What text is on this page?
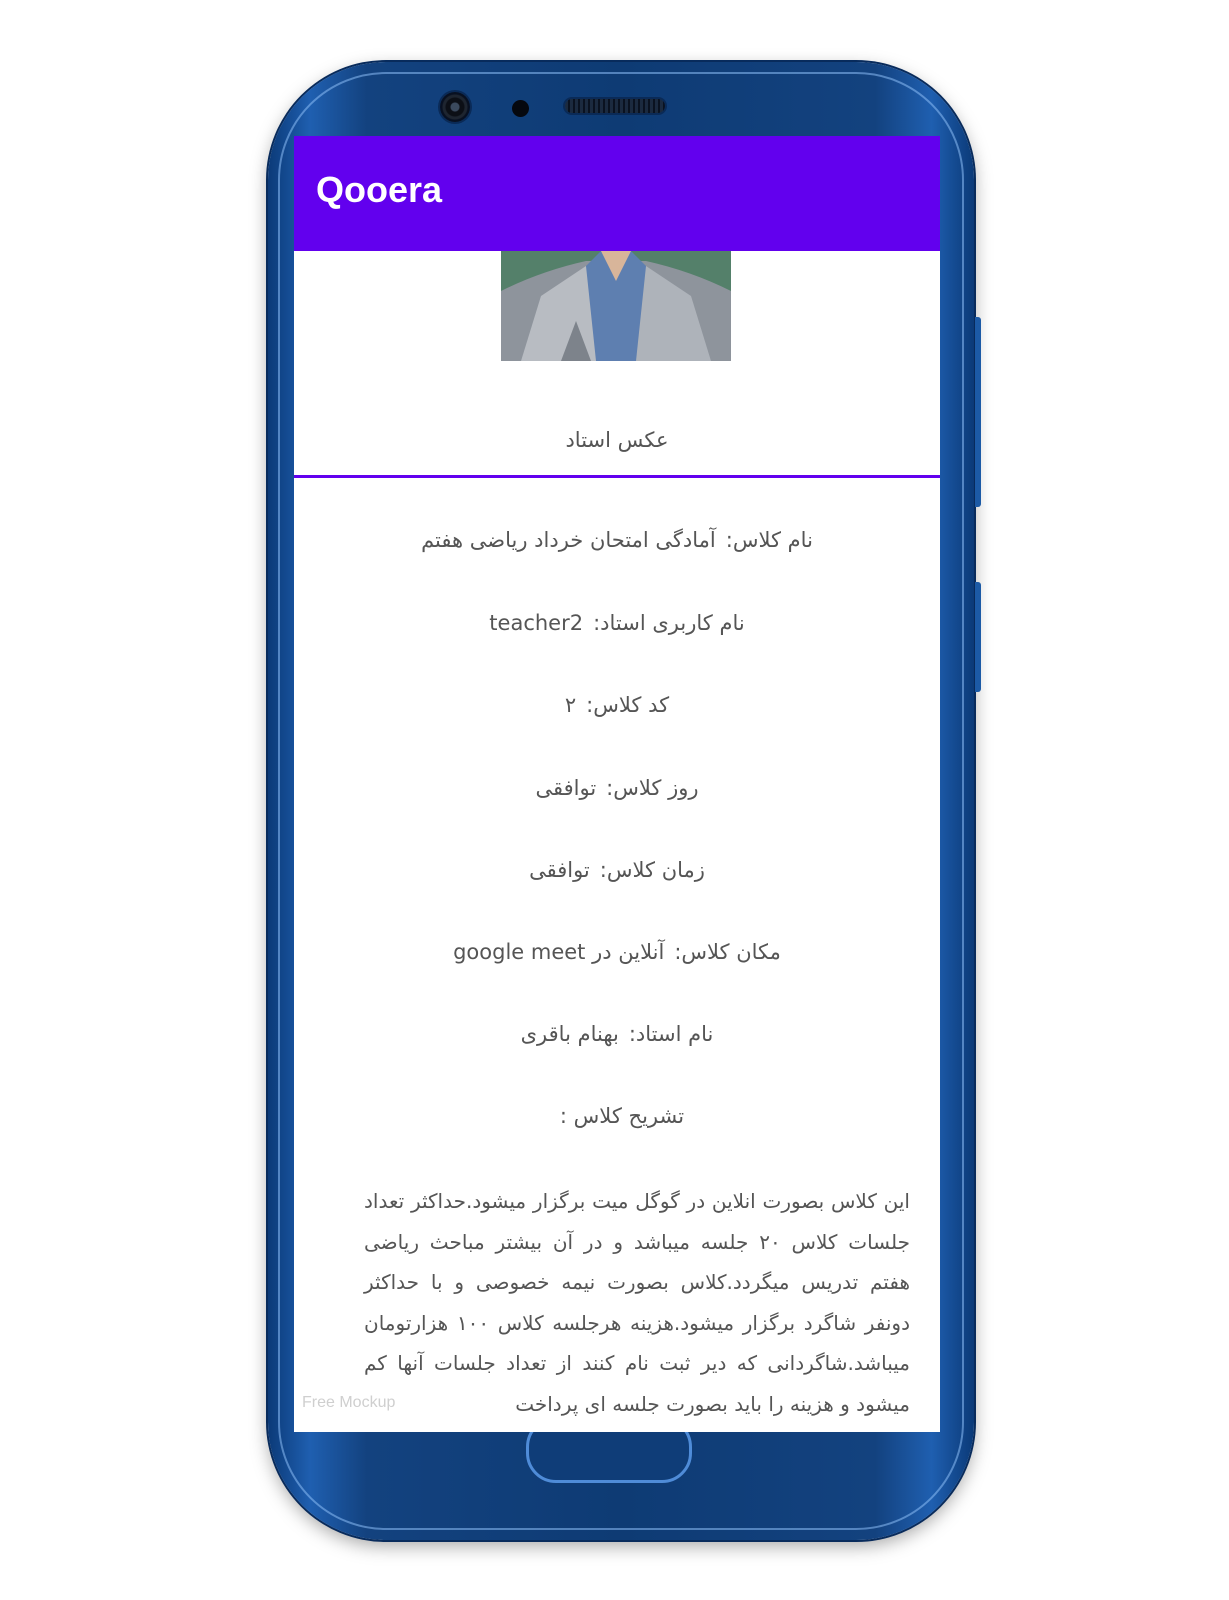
Qooera
عکس استاد
نام کلاس:آمادگی امتحان خرداد ریاضی هفتم
نام کاربری استاد:teacher2
کد کلاس:۲
روز کلاس:توافقی
زمان کلاس:توافقی
مکان کلاس:آنلاین در google meet
نام استاد:بهنام باقری
تشریح کلاس :
این کلاس بصورت انلاین در گوگل میت برگزار میشود.حداکثر تعداد جلسات کلاس ۲۰ جلسه میباشد و در آن بیشتر مباحث ریاضی هفتم تدریس میگردد.کلاس بصورت نیمه خصوصی و با حداکثر دونفر شاگرد برگزار میشود.هزینه هرجلسه کلاس ۱۰۰ هزارتومان میباشد.شاگردانی که دیر ثبت نام کنند از تعداد جلسات آنها کم میشود و هزینه را باید بصورت جلسه ای پرداخت
Free Mockup
